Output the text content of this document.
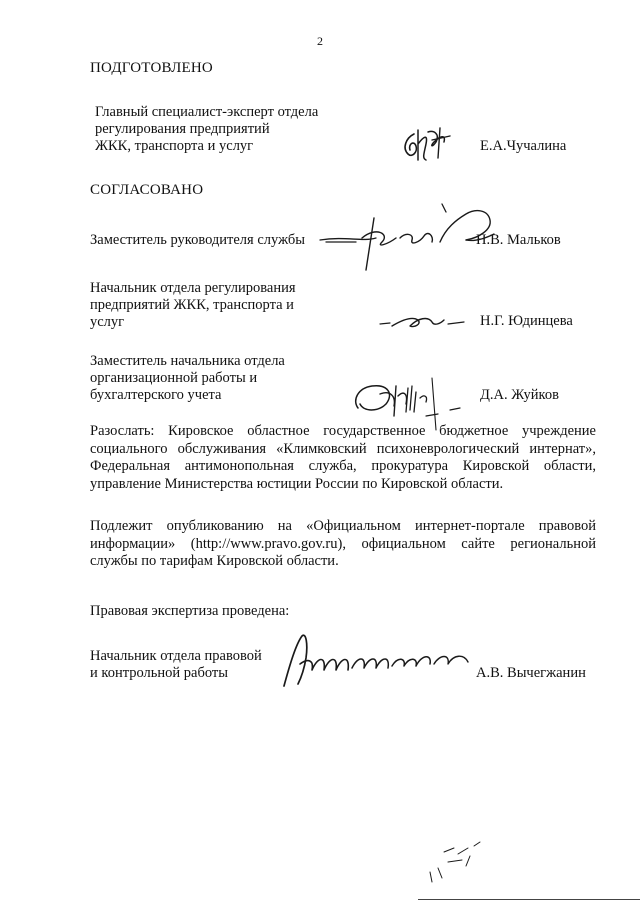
2
ПОДГОТОВЛЕНО
Главный специалист-эксперт отдела
регулирования предприятий
ЖКК, транспорта и услуг	Е.А.Чучалина
СОГЛАСОВАНО
Заместитель руководителя службы	Н.В. Мальков
Начальник отдела регулирования
предприятий ЖКК, транспорта и
услуг	Н.Г. Юдинцева
Заместитель начальника отдела
организационной работы и
бухгалтерского учета	Д.А. Жуйков
Разослать: Кировское областное государственное бюджетное учреждение социального обслуживания «Климковский психоневрологический интернат», Федеральная антимонопольная служба, прокуратура Кировской области, управление Министерства юстиции России по Кировской области.
Подлежит опубликованию на «Официальном интернет-портале правовой информации» (http://www.pravo.gov.ru), официальном сайте региональной службы по тарифам Кировской области.
Правовая экспертиза проведена:
Начальник отдела правовой
и контрольной работы	А.В. Вычегжанин
